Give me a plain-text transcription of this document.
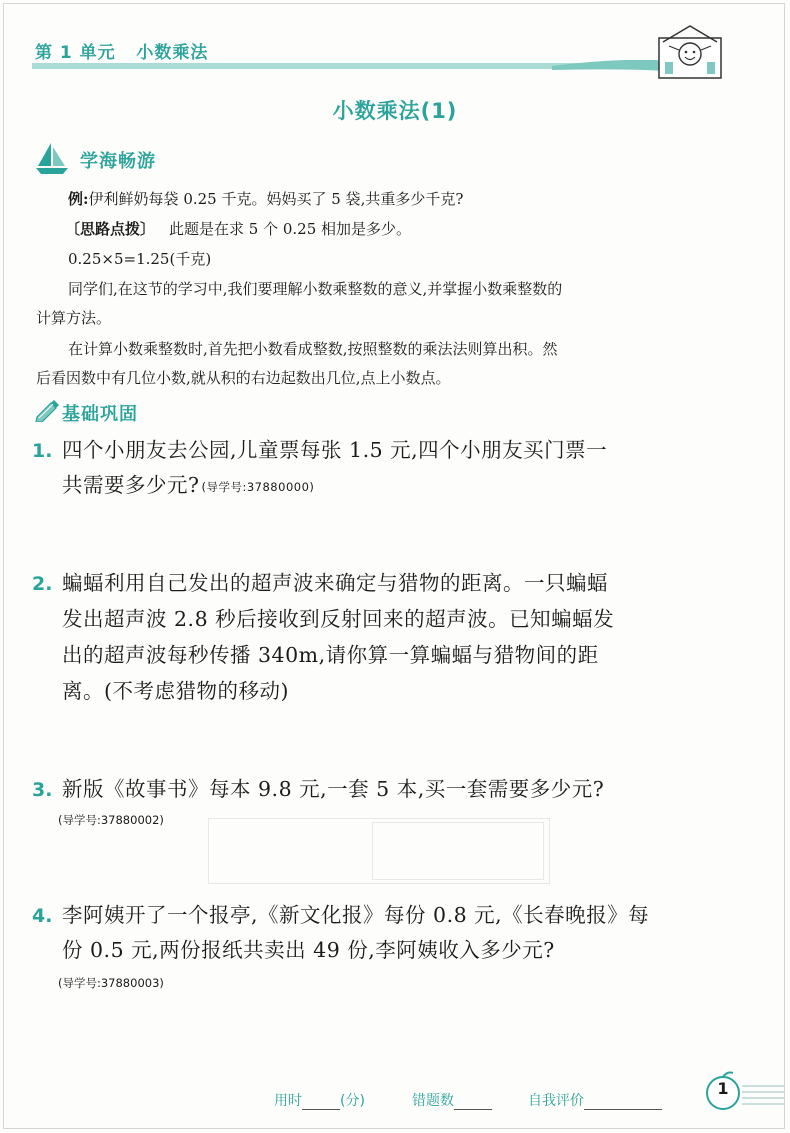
第 1 单元   小数乘法
小数乘法(1)
学海畅游
例:伊利鲜奶每袋 0.25 千克。妈妈买了 5 袋,共重多少千克?
〔思路点拨〕 此题是在求 5 个 0.25 相加是多少。
0.25×5=1.25(千克)
同学们,在这节的学习中,我们要理解小数乘整数的意义,并掌握小数乘整数的
计算方法。
在计算小数乘整数时,首先把小数看成整数,按照整数的乘法法则算出积。然
后看因数中有几位小数,就从积的右边起数出几位,点上小数点。
基础巩固
1. 四个小朋友去公园,儿童票每张 1.5 元,四个小朋友买门票一
共需要多少元? (导学号:37880000)
2. 蝙蝠利用自己发出的超声波来确定与猎物的距离。一只蝙蝠
发出超声波 2.8 秒后接收到反射回来的超声波。已知蝙蝠发
出的超声波每秒传播 340m,请你算一算蝙蝠与猎物间的距
离。(不考虑猎物的移动)
3. 新版《故事书》每本 9.8 元,一套 5 本,买一套需要多少元?
(导学号:37880002)
4. 李阿姨开了一个报亭,《新文化报》每份 0.8 元,《长春晚报》每
份 0.5 元,两份报纸共卖出 49 份,李阿姨收入多少元?
(导学号:37880003)
用时	(分)	错题数	自我评价
1
